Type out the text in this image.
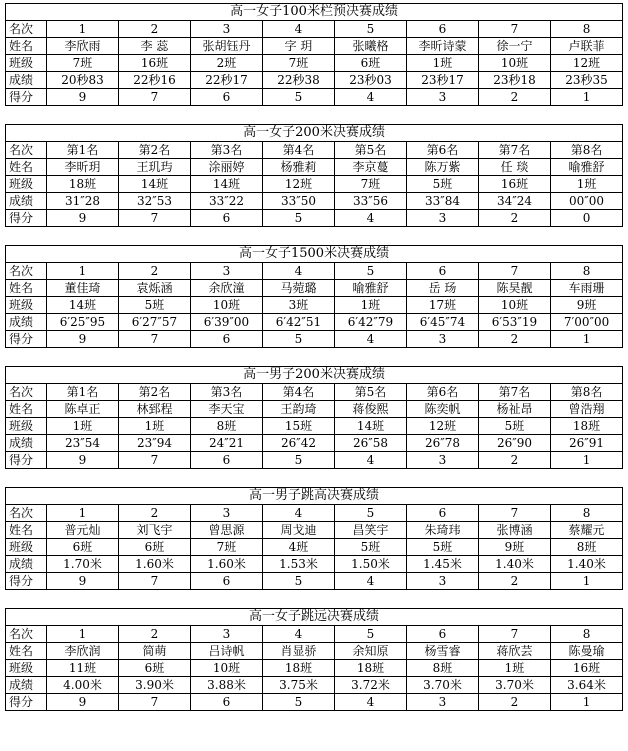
高一女子100米栏预决赛成绩								
名次	1	2	3	4	5	6	7	8
姓名	李欣雨	李 蕊	张胡钰丹	字 玥	张曦格	李昕诗蒙	徐一宁	卢联菲
班级	7班	16班	2班	7班	6班	1班	10班	12班
成绩	20秒83	22秒16	22秒17	22秒38	23秒03	23秒17	23秒18	23秒35
得分	9	7	6	5	4	3	2	1
高一女子200米决赛成绩								
名次	第1名	第2名	第3名	第4名	第5名	第6名	第7名	第8名
姓名	李昕玥	王玑玙	涂丽婷	杨雅莉	李京蔓	陈万紫	任 琰	喻雅舒
班级	18班	14班	14班	12班	7班	5班	16班	1班
成绩	31″28	32″53	33″22	33″50	33″56	33″84	34″24	00″00
得分	9	7	6	5	4	3	2	0
高一女子1500米决赛成绩								
名次	1	2	3	4	5	6	7	8
姓名	董佳琦	袁烁涵	余欣潼	马菀璐	喻雅舒	岳 玚	陈昊靓	车雨珊
班级	14班	5班	10班	3班	1班	17班	10班	9班
成绩	6′25″95	6′27″57	6′39″00	6′42″51	6′42″79	6′45″74	6′53″19	7′00″00
得分	9	7	6	5	4	3	2	1
高一男子200米决赛成绩								
名次	第1名	第2名	第3名	第4名	第5名	第6名	第7名	第8名
姓名	陈卓正	林郅程	李天宝	王韵琦	蒋俊熙	陈奕帆	杨祉昂	曾浩翔
班级	1班	1班	8班	15班	14班	12班	5班	18班
成绩	23″54	23″94	24″21	26″42	26″58	26″78	26″90	26″91
得分	9	7	6	5	4	3	2	1
高一男子跳高决赛成绩								
名次	1	2	3	4	5	6	7	8
姓名	普元灿	刘飞宇	曾思源	周戈迪	昌笑宇	朱琦玮	张博涵	蔡耀元
班级	6班	6班	7班	4班	5班	5班	9班	8班
成绩	1.70米	1.60米	1.60米	1.53米	1.50米	1.45米	1.40米	1.40米
得分	9	7	6	5	4	3	2	1
高一女子跳远决赛成绩								
名次	1	2	3	4	5	6	7	8
姓名	李欣润	简萌	吕诗帆	肖显骄	余知原	杨雪睿	蒋欣芸	陈曼瑜
班级	11班	6班	10班	18班	18班	8班	1班	16班
成绩	4.00米	3.90米	3.88米	3.75米	3.72米	3.70米	3.70米	3.64米
得分	9	7	6	5	4	3	2	1
